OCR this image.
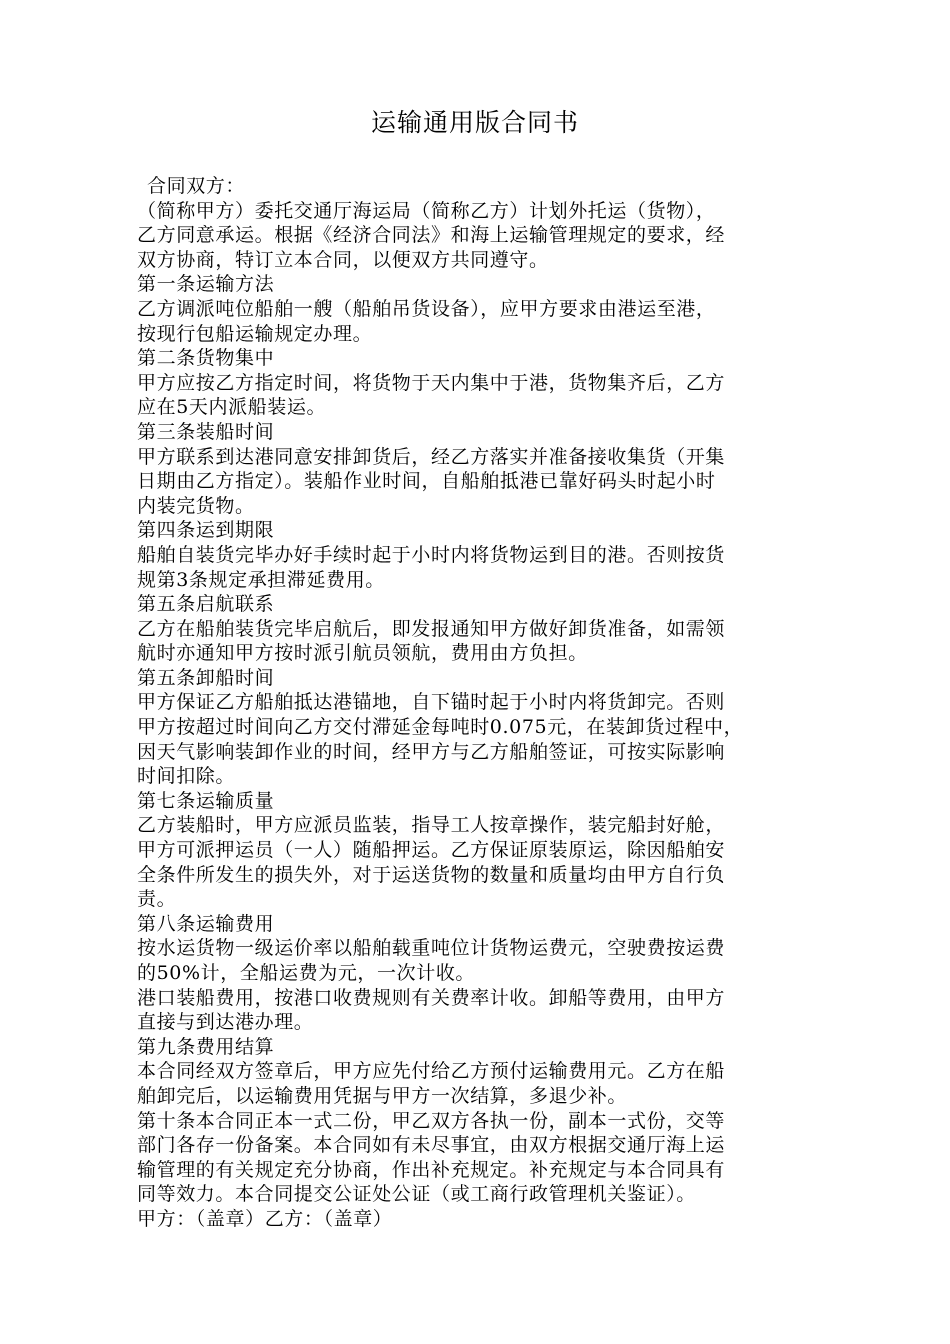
运输通用版合同书
合同双方：
（简称甲方）委托交通厅海运局（简称乙方）计划外托运（货物），
乙方同意承运。根据《经济合同法》和海上运输管理规定的要求，经
双方协商，特订立本合同，以便双方共同遵守。
第一条运输方法
乙方调派吨位船舶一艘（船舶吊货设备），应甲方要求由港运至港，
按现行包船运输规定办理。
第二条货物集中
甲方应按乙方指定时间，将货物于天内集中于港，货物集齐后，乙方
应在5天内派船装运。
第三条装船时间
甲方联系到达港同意安排卸货后，经乙方落实并准备接收集货（开集
日期由乙方指定）。装船作业时间，自船舶抵港已靠好码头时起小时
内装完货物。
第四条运到期限
船舶自装货完毕办好手续时起于小时内将货物运到目的港。否则按货
规第3条规定承担滞延费用。
第五条启航联系
乙方在船舶装货完毕启航后，即发报通知甲方做好卸货准备，如需领
航时亦通知甲方按时派引航员领航，费用由方负担。
第五条卸船时间
甲方保证乙方船舶抵达港锚地，自下锚时起于小时内将货卸完。否则
甲方按超过时间向乙方交付滞延金每吨时0.075元，在装卸货过程中，
因天气影响装卸作业的时间，经甲方与乙方船舶签证，可按实际影响
时间扣除。
第七条运输质量
乙方装船时，甲方应派员监装，指导工人按章操作，装完船封好舱，
甲方可派押运员（一人）随船押运。乙方保证原装原运，除因船舶安
全条件所发生的损失外，对于运送货物的数量和质量均由甲方自行负
责。
第八条运输费用
按水运货物一级运价率以船舶载重吨位计货物运费元，空驶费按运费
的50%计，全船运费为元，一次计收。
港口装船费用，按港口收费规则有关费率计收。卸船等费用，由甲方
直接与到达港办理。
第九条费用结算
本合同经双方签章后，甲方应先付给乙方预付运输费用元。乙方在船
舶卸完后，以运输费用凭据与甲方一次结算，多退少补。
第十条本合同正本一式二份，甲乙双方各执一份，副本一式份，交等
部门各存一份备案。本合同如有未尽事宜，由双方根据交通厅海上运
输管理的有关规定充分协商，作出补充规定。补充规定与本合同具有
同等效力。本合同提交公证处公证（或工商行政管理机关鉴证）。
甲方：（盖章）乙方：（盖章）
